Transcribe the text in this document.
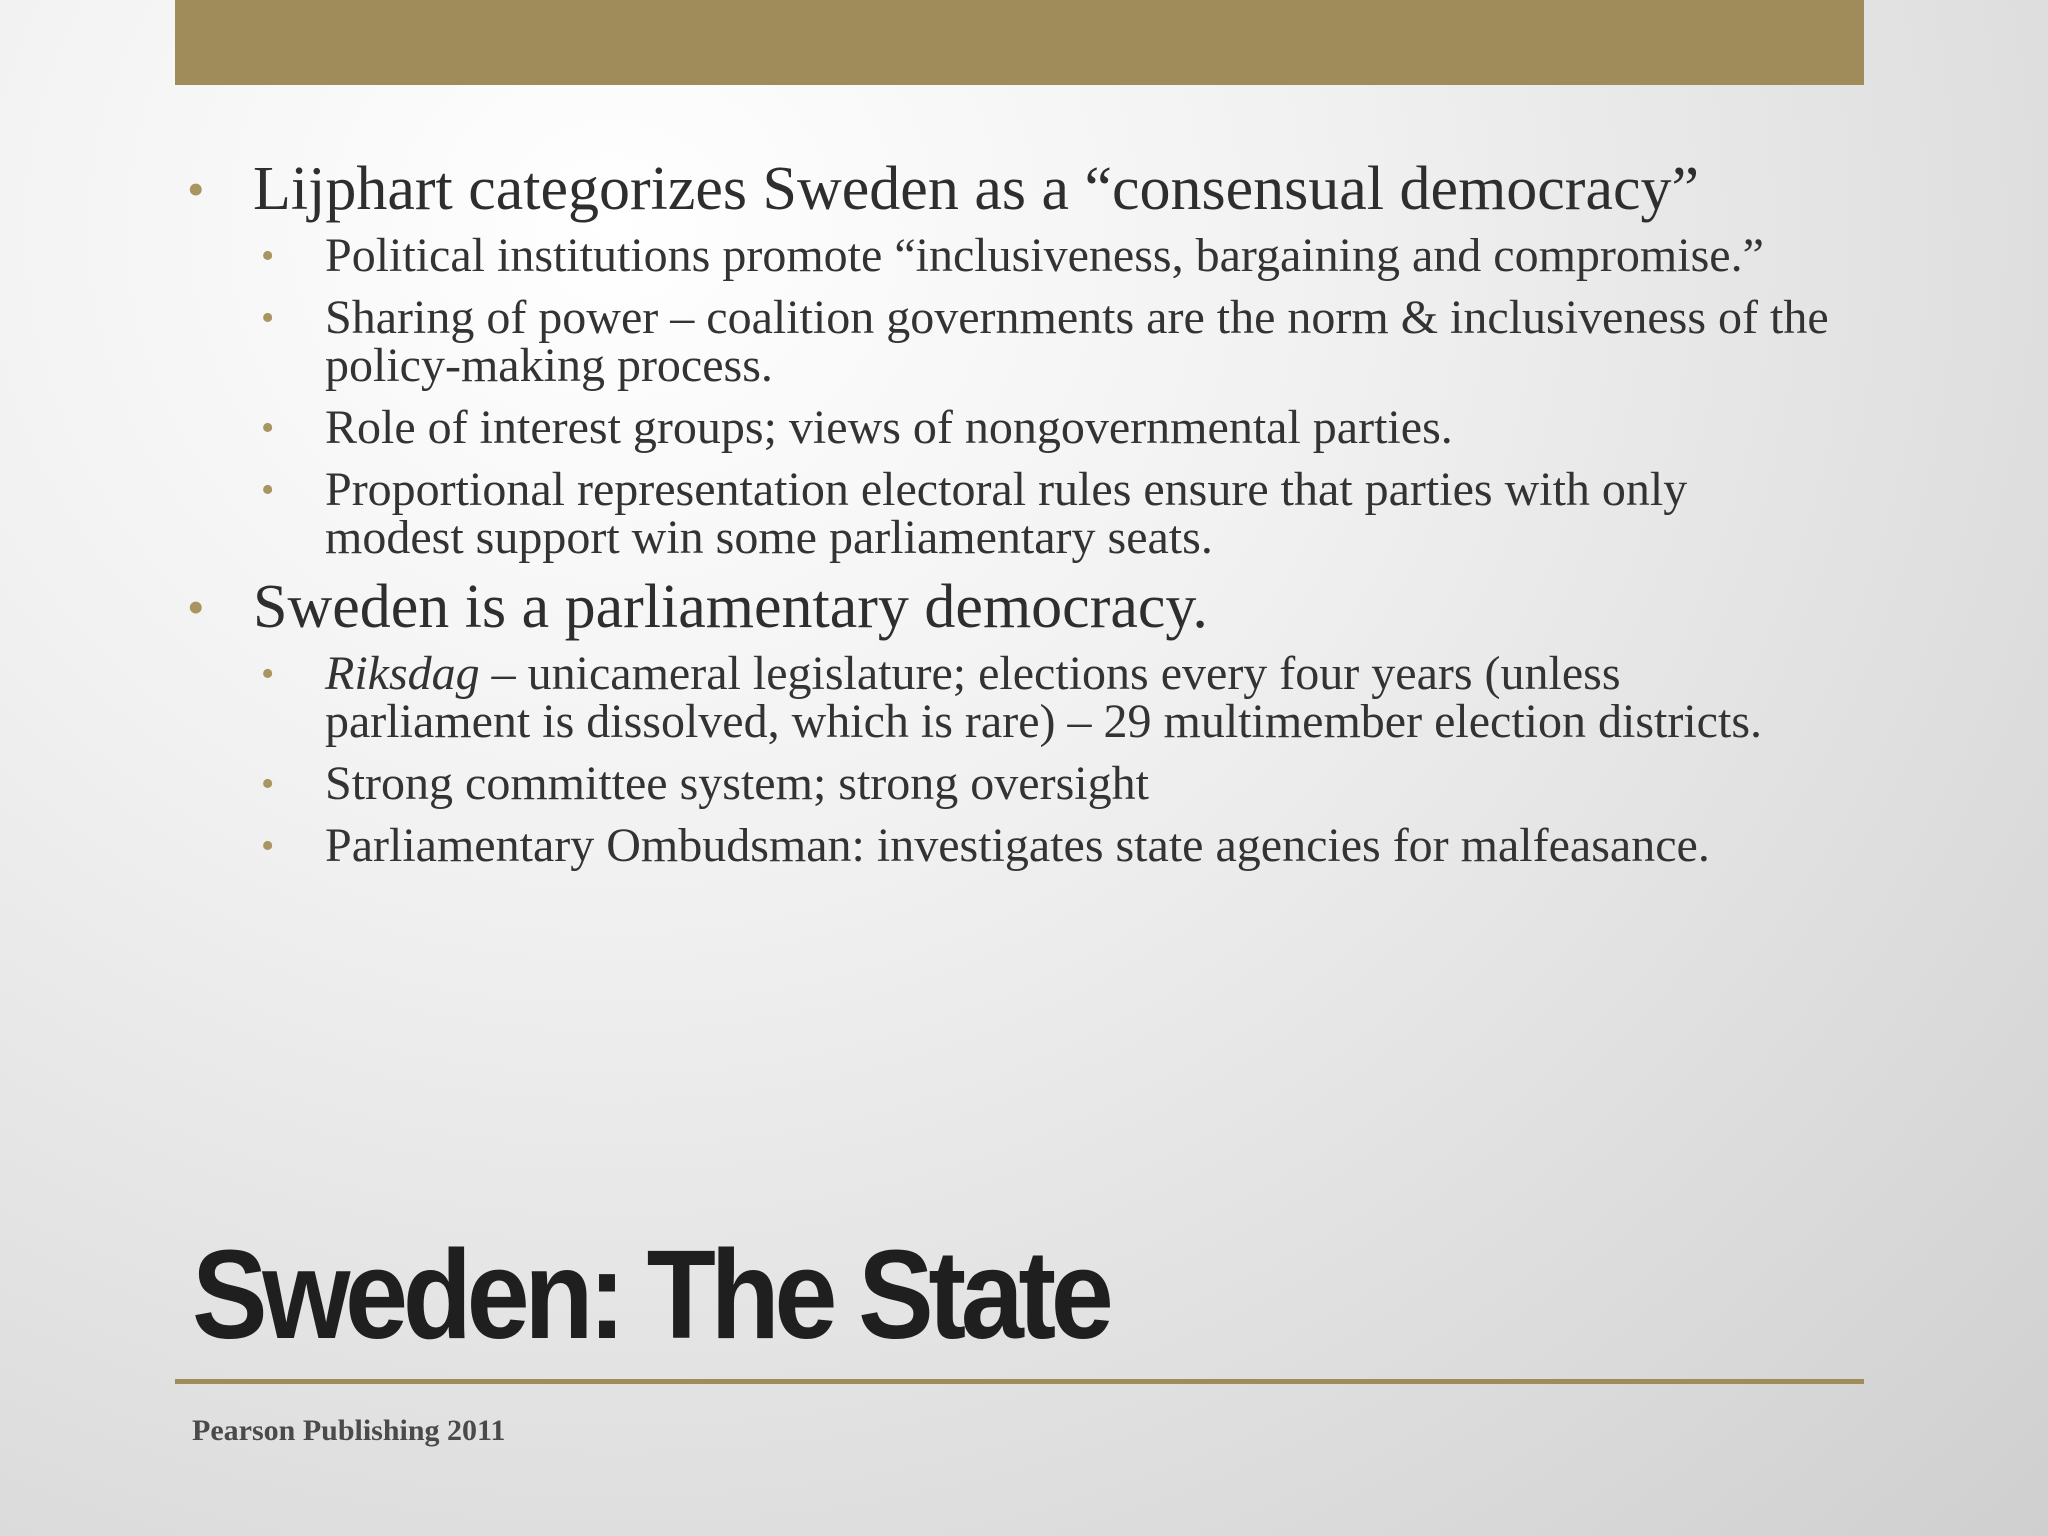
• Lijphart categorizes Sweden as a “consensual democracy”
• Political institutions promote “inclusiveness, bargaining and compromise.”
• Sharing of power – coalition governments are the norm & inclusiveness of the policy-making process.
• Role of interest groups; views of nongovernmental parties.
• Proportional representation electoral rules ensure that parties with only modest support win some parliamentary seats.
• Sweden is a parliamentary democracy.
• Riksdag – unicameral legislature; elections every four years (unless parliament is dissolved, which is rare) – 29 multimember election districts.
• Strong committee system; strong oversight
• Parliamentary Ombudsman: investigates state agencies for malfeasance.
Sweden: The State
Pearson Publishing 2011
